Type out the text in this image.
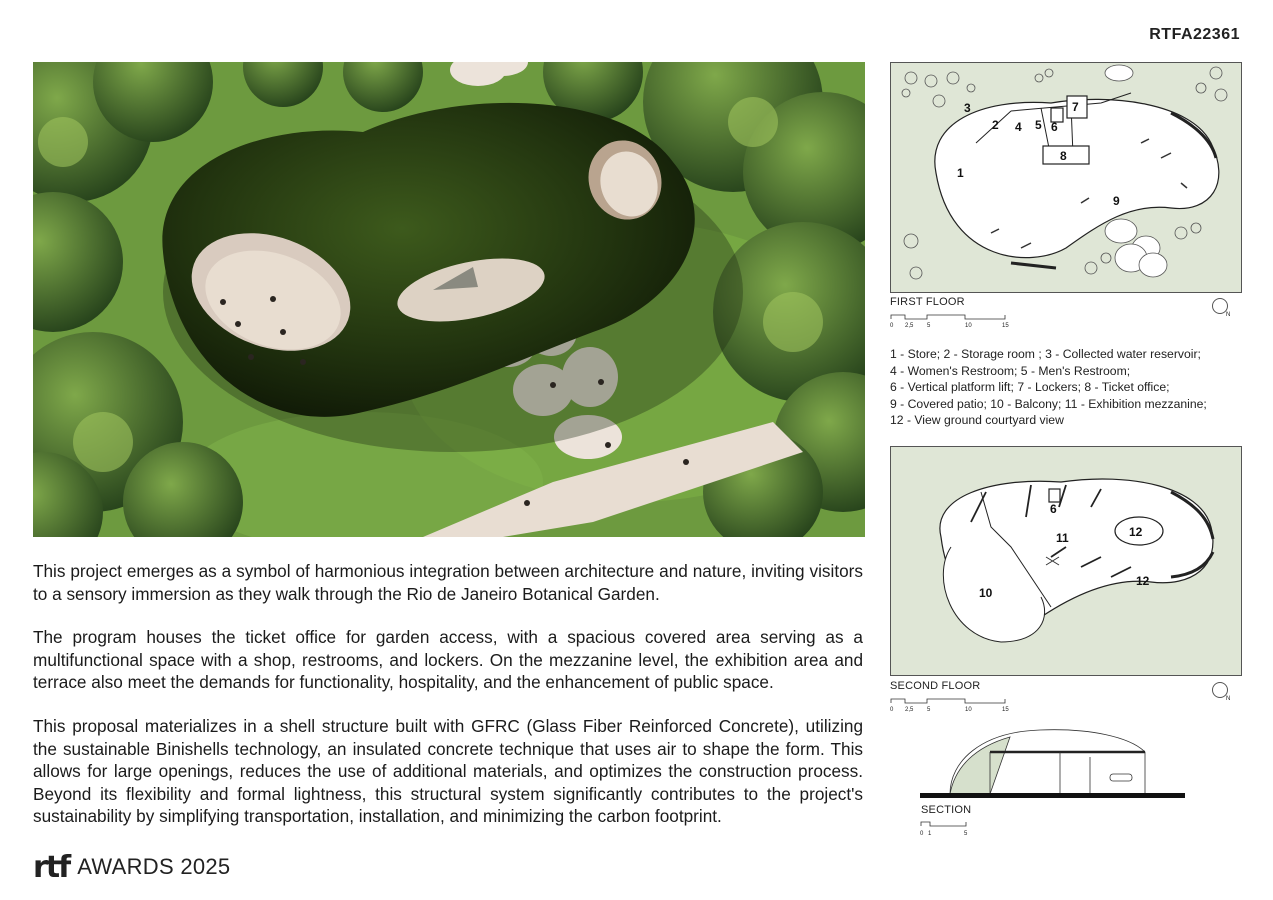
RTFA22361

This project emerges as a symbol of harmonious integration between architecture and nature, inviting visitors to a sensory immersion as they walk through the Rio de Janeiro Botanical Garden.

The program houses the ticket office for garden access, with a spacious covered area serving as a multifunctional space with a shop, restrooms, and lockers. On the mezzanine level, the exhibition area and terrace also meet the demands for functionality, hospitality, and the enhancement of public space.

This proposal materializes in a shell structure built with GFRC (Glass Fiber Reinforced Concrete), utilizing the sustainable Binishells technology, an insulated concrete technique that uses air to shape the form. This allows for large openings, reduces the use of additional materials, and optimizes the construction process. Beyond its flexibility and formal lightness, this structural system significantly contributes to the project's sustainability by simplifying transportation, installation, and minimizing the carbon footprint.

rtf AWARDS 2025
1
2
3
4 5 6
7
8
9
FIRST FLOOR
0 2,5 5	10	15
N
1 - Store; 2 - Storage room ; 3 - Collected water reservoir;
4 - Women's Restroom; 5 - Men's Restroom;
6 - Vertical platform lift; 7 - Lockers; 8 - Ticket office;
9 - Covered patio; 10 - Balcony; 11 - Exhibition mezzanine;
12 - View ground courtyard view
6
10
11	12
12
SECOND FLOOR
0 2,5 5	10	15
N
SECTION
0 1	5
